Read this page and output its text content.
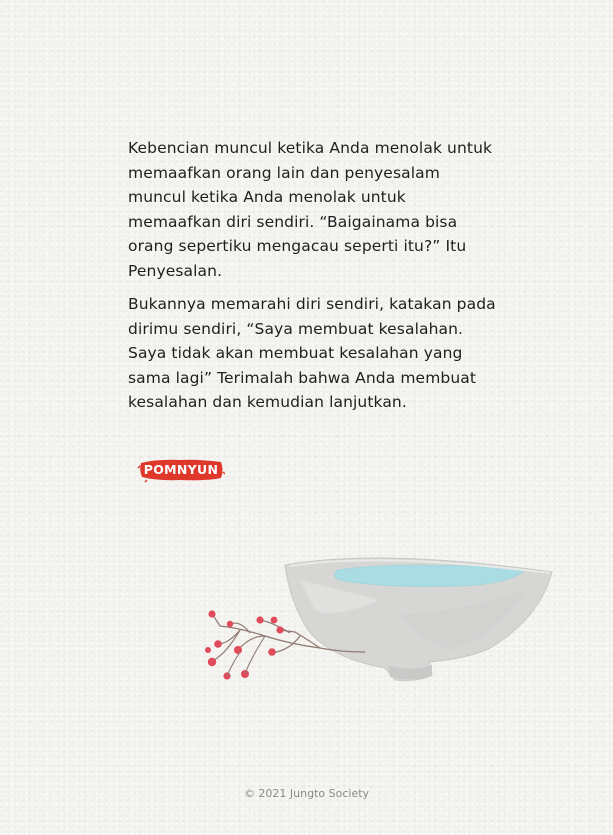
Kebencian muncul ketika Anda menolak untuk
memaafkan orang lain dan penyesalam
muncul ketika Anda menolak untuk
memaafkan diri sendiri. “Baigainama bisa
orang sepertiku mengacau seperti itu?” Itu
Penyesalan.

Bukannya memarahi diri sendiri, katakan pada
dirimu sendiri, “Saya membuat kesalahan.
Saya tidak akan membuat kesalahan yang
sama lagi” Terimalah bahwa Anda membuat
kesalahan dan kemudian lanjutkan.

POMNYUN
© 2021 Jungto Society
